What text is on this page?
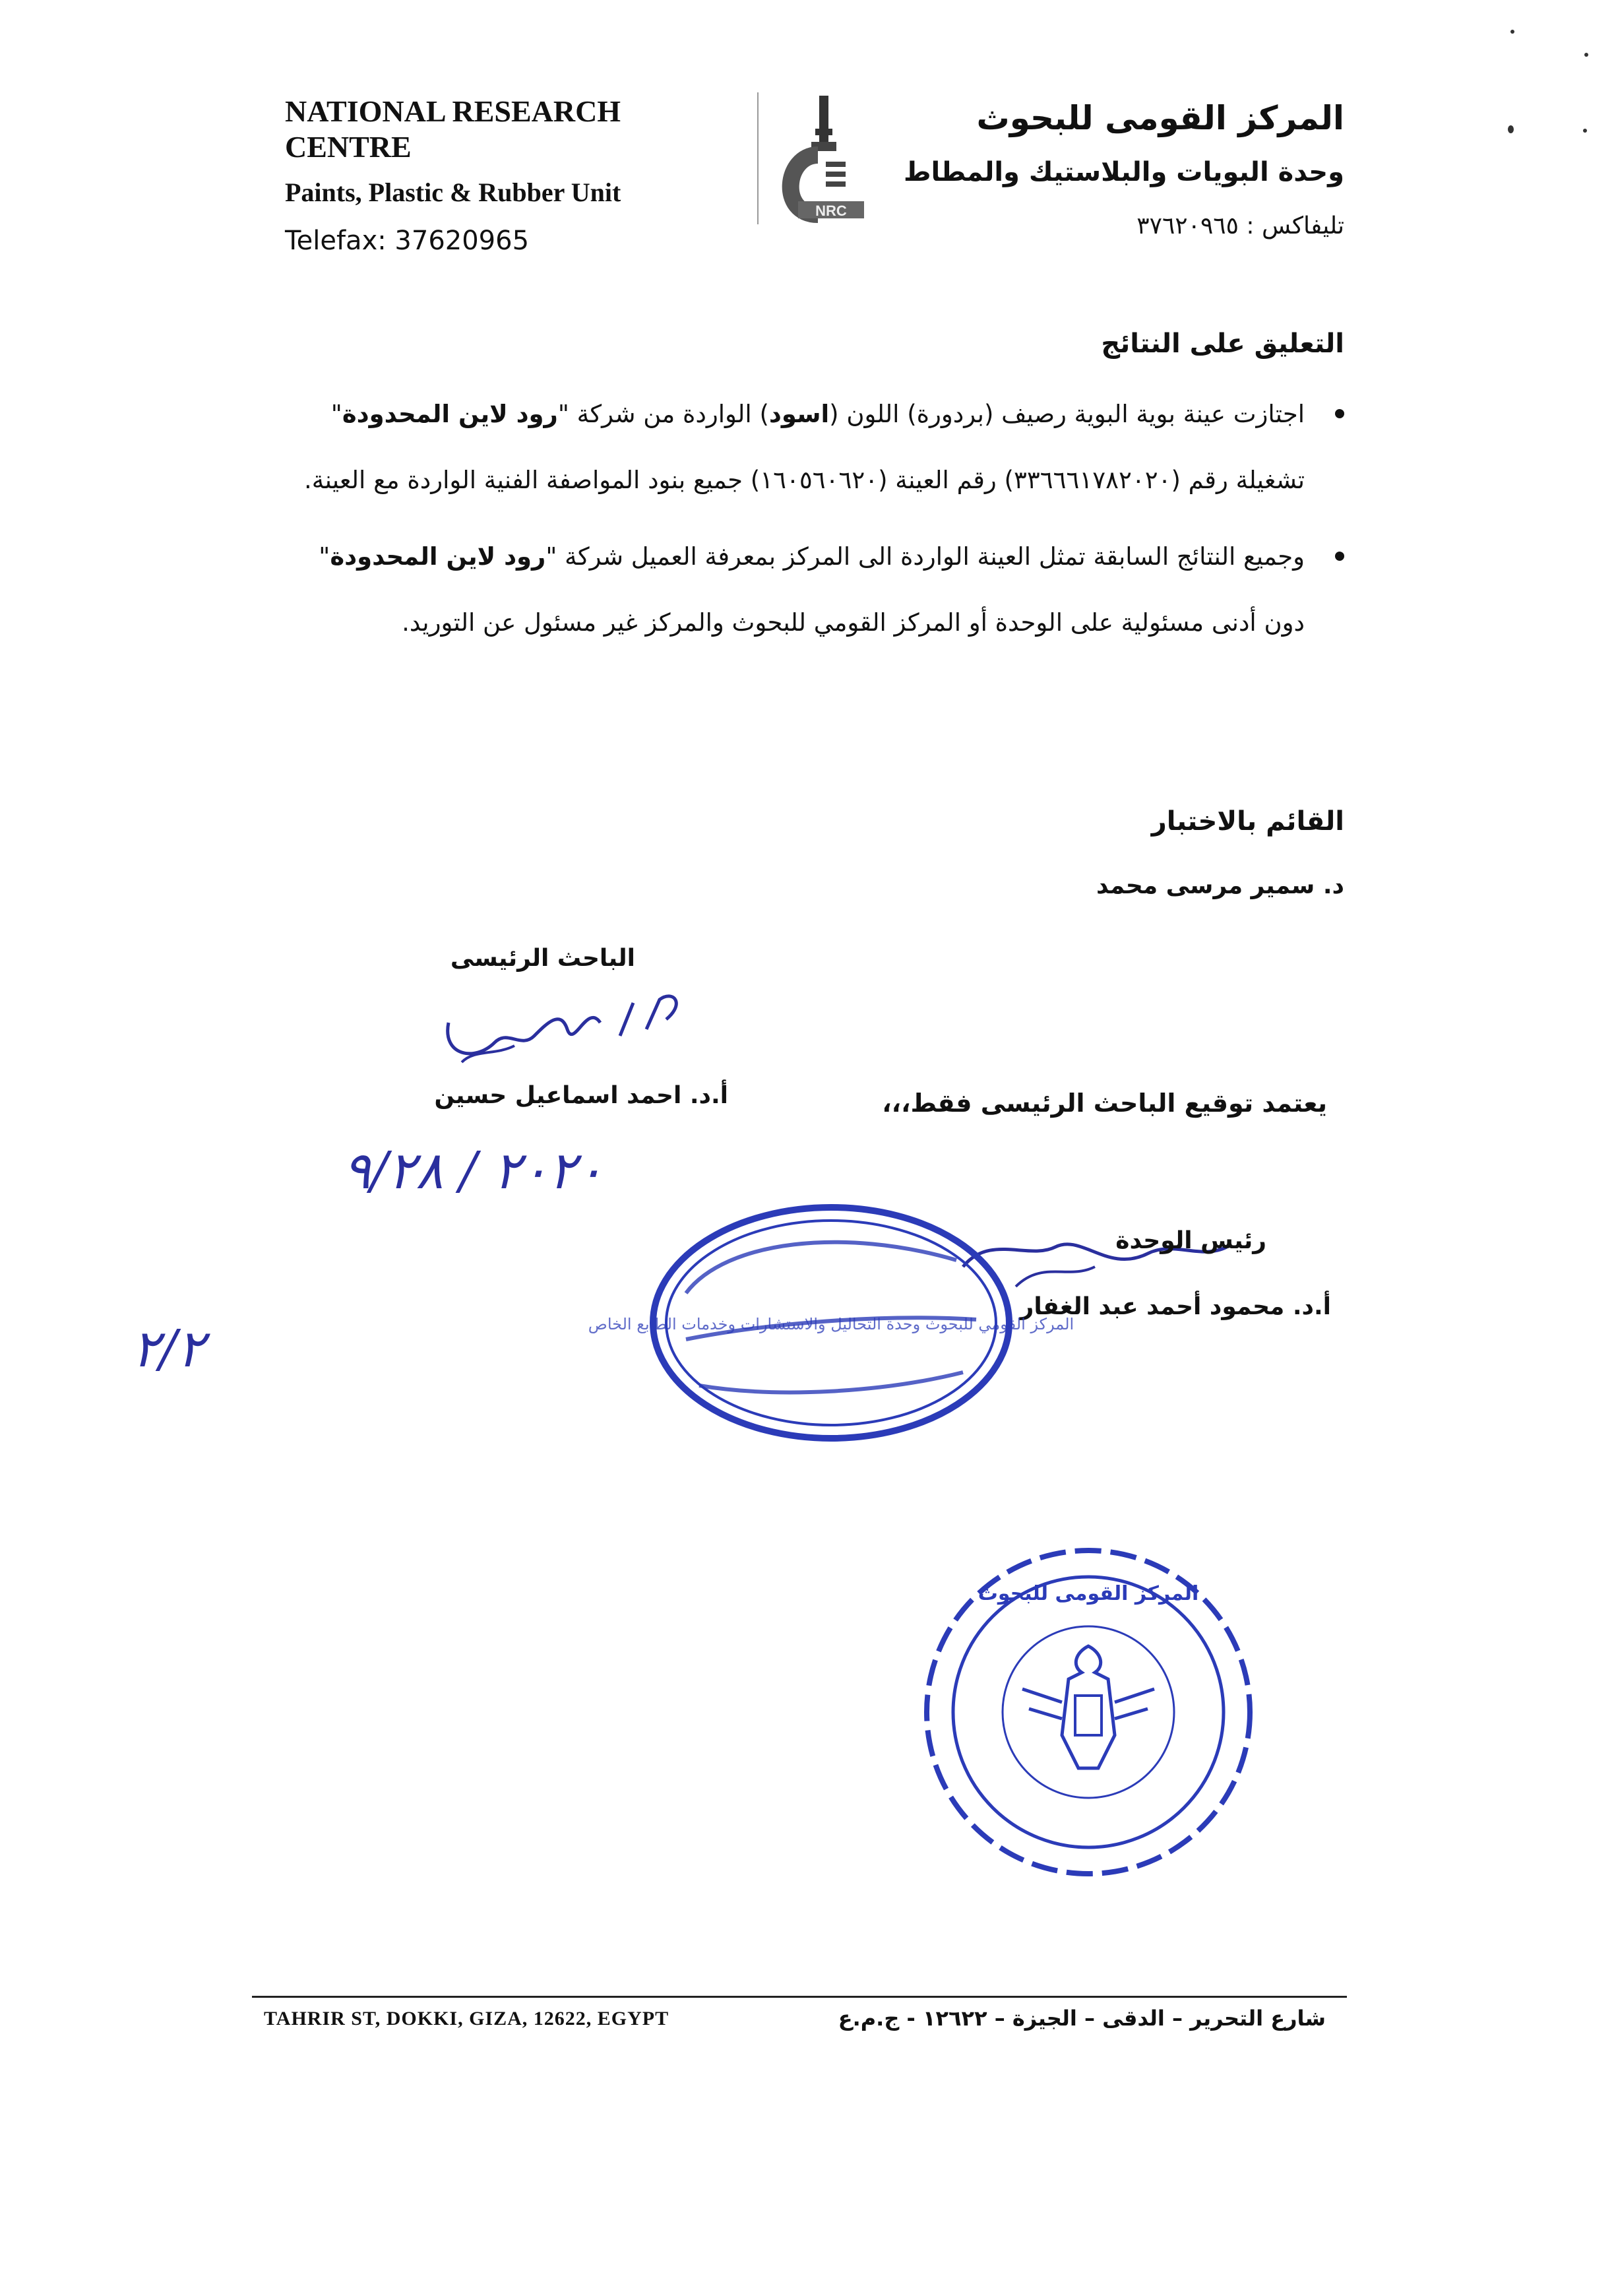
NATIONAL RESEARCH
CENTRE
Paints, Plastic & Rubber Unit
Telefax: 37620965
NRC
المركز القومى للبحوث
وحدة البويات والبلاستيك والمطاط
تليفاكس : ٣٧٦٢٠٩٦٥
التعليق على النتائج
اجتازت عينة بوية البوية رصيف (بردورة) اللون (اسود) الواردة من شركة "رود لاين المحدودة" تشغيلة رقم (٣٣٦٦٦١٧٨٢٠٢٠) رقم العينة (١٦٠٥٦٠٦٢٠) جميع بنود المواصفة الفنية الواردة مع العينة.
وجميع النتائج السابقة تمثل العينة الواردة الى المركز بمعرفة العميل شركة "رود لاين المحدودة" دون أدنى مسئولية على الوحدة أو المركز القومي للبحوث والمركز غير مسئول عن التوريد.
القائم بالاختبار
د. سمير مرسى محمد
الباحث الرئيسى
أ.د. احمد اسماعيل حسين	يعتمد توقيع الباحث الرئيسى فقط،،،
٢٠٢٠ / ٩/٢٨
٢/٢
رئيس الوحدة
أ.د. محمود أحمد عبد الغفار
المركز القومي للبحوث وحدة التحاليل والاستشارات وخدمات الطابع الخاص
المركز القومى للبحوث
TAHRIR ST, DOKKI, GIZA, 12622, EGYPT	شارع التحرير – الدقى – الجيزة – ١٢٦٢٢ - ج.م.ع
